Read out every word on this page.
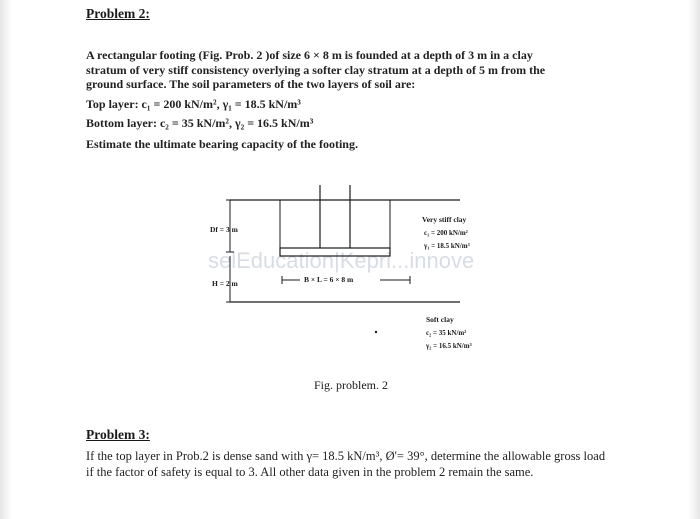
Problem 2:
A rectangular footing (Fig. Prob. 2 )of size 6 × 8 m is founded at a depth of 3 m in a clay
stratum of very stiff consistency overlying a softer clay stratum at a depth of 5 m from the
ground surface. The soil parameters of the two layers of soil are:
Top layer: c₁ = 200 kN/m², γ₁ = 18.5 kN/m³
Bottom layer: c₂ = 35 kN/m², γ₂ = 16.5 kN/m³
Estimate the ultimate bearing capacity of the footing.
selEducation|Kepri...innove
Df = 3 m
H = 2 m	B × L = 6 × 8 m
Very stiff clay
c₁ = 200 kN/m²
γ₁ = 18.5 kN/m³
Soft clay
c₂ = 35 kN/m²
γ₂ = 16.5 kN/m³
Fig. problem. 2
Problem 3:
If the top layer in Prob.2 is dense sand with γ= 18.5 kN/m³, Ø'= 39°, determine the allowable gross load if the factor of safety is equal to 3. All other data given in the problem 2 remain the same.
